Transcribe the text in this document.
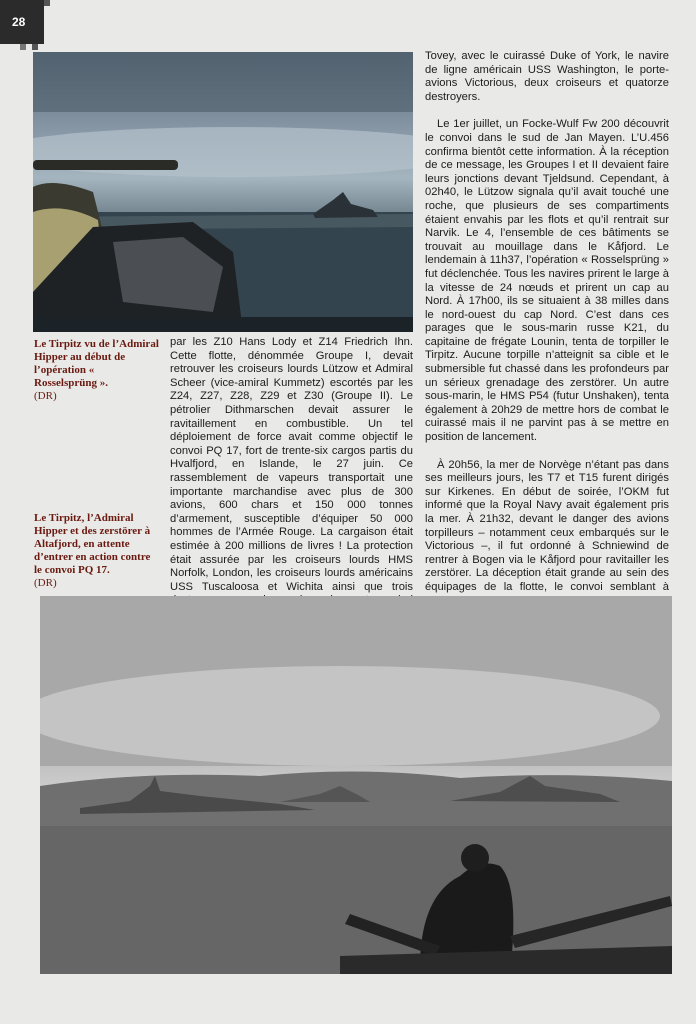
28
Le Tirpitz vu de l’Admiral Hipper au début de l’opération « Rosselsprüng ».
(DR)
Le Tirpitz, l’Admiral Hipper et des zerstörer à Altafjord, en attente d’entrer en action contre le convoi PQ 17.
(DR)

par les Z10 Hans Lody et Z14 Friedrich Ihn. Cette flotte, dénommée Groupe I, devait retrouver les croiseurs lourds Lützow et Admiral Scheer (vice-amiral Kummetz) escortés par les Z24, Z27, Z28, Z29 et Z30 (Groupe II). Le pétrolier Dithmarschen devait assurer le ravitaillement en combustible. Un tel déploiement de force avait comme objectif le convoi PQ 17, fort de trente-six cargos partis du Hvalfjord, en Islande, le 27 juin. Ce rassemblement de vapeurs transportait une importante marchandise avec plus de 300 avions, 600 chars et 150 000 tonnes d’armement, susceptible d’équiper 50 000 hommes de l’Armée Rouge. La cargaison était estimée à 200 millions de livres ! La protection était assurée par les croiseurs lourds HMS Norfolk, London, les croiseurs lourds américains USS Tuscaloosa et Wichita ainsi que trois

Tovey, avec le cuirassé Duke of York, le navire de ligne américain USS Washington, le porte-avions Victorious, deux croiseurs et quatorze destroyers.

Le 1er juillet, un Focke-Wulf Fw 200 découvrit le convoi dans le sud de Jan Mayen. L’U.456 confirma bientôt cette information. À la réception de ce message, les Groupes I et II devaient faire leurs jonctions devant Tjeldsund. Cependant, à 02h40, le Lützow signala qu’il avait touché une roche, que plusieurs de ses compartiments étaient envahis par les flots et qu’il rentrait sur Narvik. Le 4, l’ensemble de ces bâtiments se trouvait au mouillage dans le Kåfjord. Le lendemain à 11h37, l’opération « Rosselsprüng » fut déclenchée. Tous les navires prirent le large à la vitesse de 24 nœuds et prirent un cap au Nord. À 17h00, ils se situaient à 38 milles dans le nord-ouest du cap Nord. C’est dans ces parages que le sous-marin russe K21, du capitaine de frégate Lounin, tenta de torpiller le Tirpitz. Aucune torpille n’atteignit sa cible et le submersible fut chassé dans les profondeurs par un sérieux grenadage des zerstörer. Un autre sous-marin, le HMS P54 (futur Unshaken), tenta également à 20h29 de mettre hors de combat le cuirassé mais il ne parvint pas à se mettre en position de lancement.

À 20h56, la mer de Norvège n’étant pas dans ses meilleurs jours, les T7 et T15 furent dirigés sur Kirkenes. En début de soirée, l’OKM fut informé que la Royal Navy avait également pris la mer. À 21h32, devant le danger des avions torpilleurs – notamment ceux embarqués sur le Victorious –, il fut ordonné à Schniewind de rentrer à Bogen via le Kåfjord pour ravitailler les zerstörer. La déception était grande au sein des équipages de la flotte, le convoi semblant à
